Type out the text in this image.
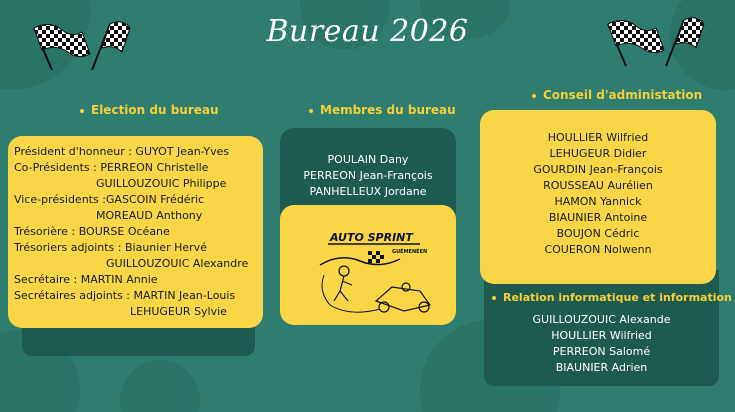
Bureau 2026
Election du bureau
Président d'honneur : GUYOT Jean-Yves
Co-Présidents : PERREON Christelle
GUILLOUZOUIC Philippe
Vice-présidents :GASCOIN Frédéric
MOREAUD Anthony
Trésorière : BOURSE Océane
Trésoriers adjoints : Biaunier Hervé
GUILLOUZOUIC Alexandre
Secrétaire : MARTIN Annie
Secrétaires adjoints : MARTIN Jean-Louis
LEHUGEUR Sylvie
Membres du bureau
POULAIN Dany
PERREON Jean-François
PANHELLEUX Jordane
AUTO SPRINT
GUÉMENÉEN
Conseil d'administation
GUILLOUZOUIC Alexande
HOULLIER Wilfried
PERREON Salomé
BIAUNIER Adrien
Relation informatique et information
HOULLIER Wilfried
LEHUGEUR Didier
GOURDIN Jean-François
ROUSSEAU Aurélien
HAMON Yannick
BIAUNIER Antoine
BOUJON Cédric
COUERON Nolwenn
